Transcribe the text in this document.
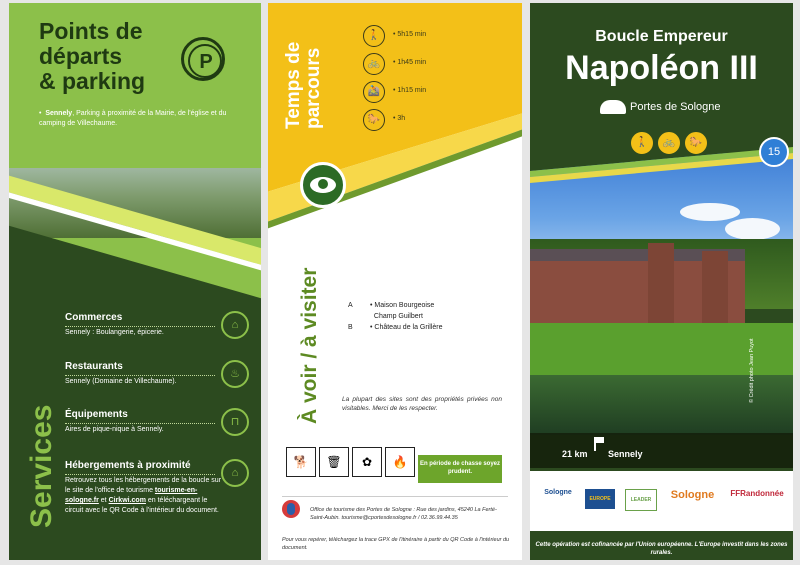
Points de
départs
& parking
P
•  Sennely, Parking à proximité de la Mairie, de l'église et du camping de Villechaume.
Commerces

Sennely : Boulangerie, épicerie.

⌂
Restaurants

Sennely (Domaine de Villechaume).

♨
Équipements

Aires de pique-nique à Sennely.

⊓
Hébergements à proximité

Retrouvez tous les hébergements de la boucle sur le site de l'office de tourisme tourisme-en-sologne.fr et Cirkwi.com en téléchargeant le circuit avec le QR Code à l'intérieur du document.

⌂
Services
Temps de parcours
🚶	• 5h15 min
🚲	• 1h45 min
🚵	• 1h15 min
🐎	• 3h
À voir / à visiter	A • Maison Bourgeoise
Champ Guilbert
B • Château de la Grillère
La plupart des sites sont des propriétés privées non visitables. Merci de les respecter.
🐕	🗑	✿	🔥	En période de chasse soyez prudent.
Office de tourisme des Portes de Sologne : Rue des jardins, 45240 La Ferté-Saint-Aubin. tourisme@cportesdesologne.fr / 02.36.99.44.35
Pour vous repérer, téléchargez la trace GPX de l'itinéraire à partir du QR Code à l'intérieur du document.
Boucle Empereur
Napoléon III
Portes de Sologne
🚶	🚲	🐎
15
© Crédit photo Jean Puyot
21 km Sennely
Sologne
EUROPE	LEADER	Sologne	FFRandonnée
Cette opération est cofinancée par l'Union européenne. L'Europe investit dans les zones rurales.
